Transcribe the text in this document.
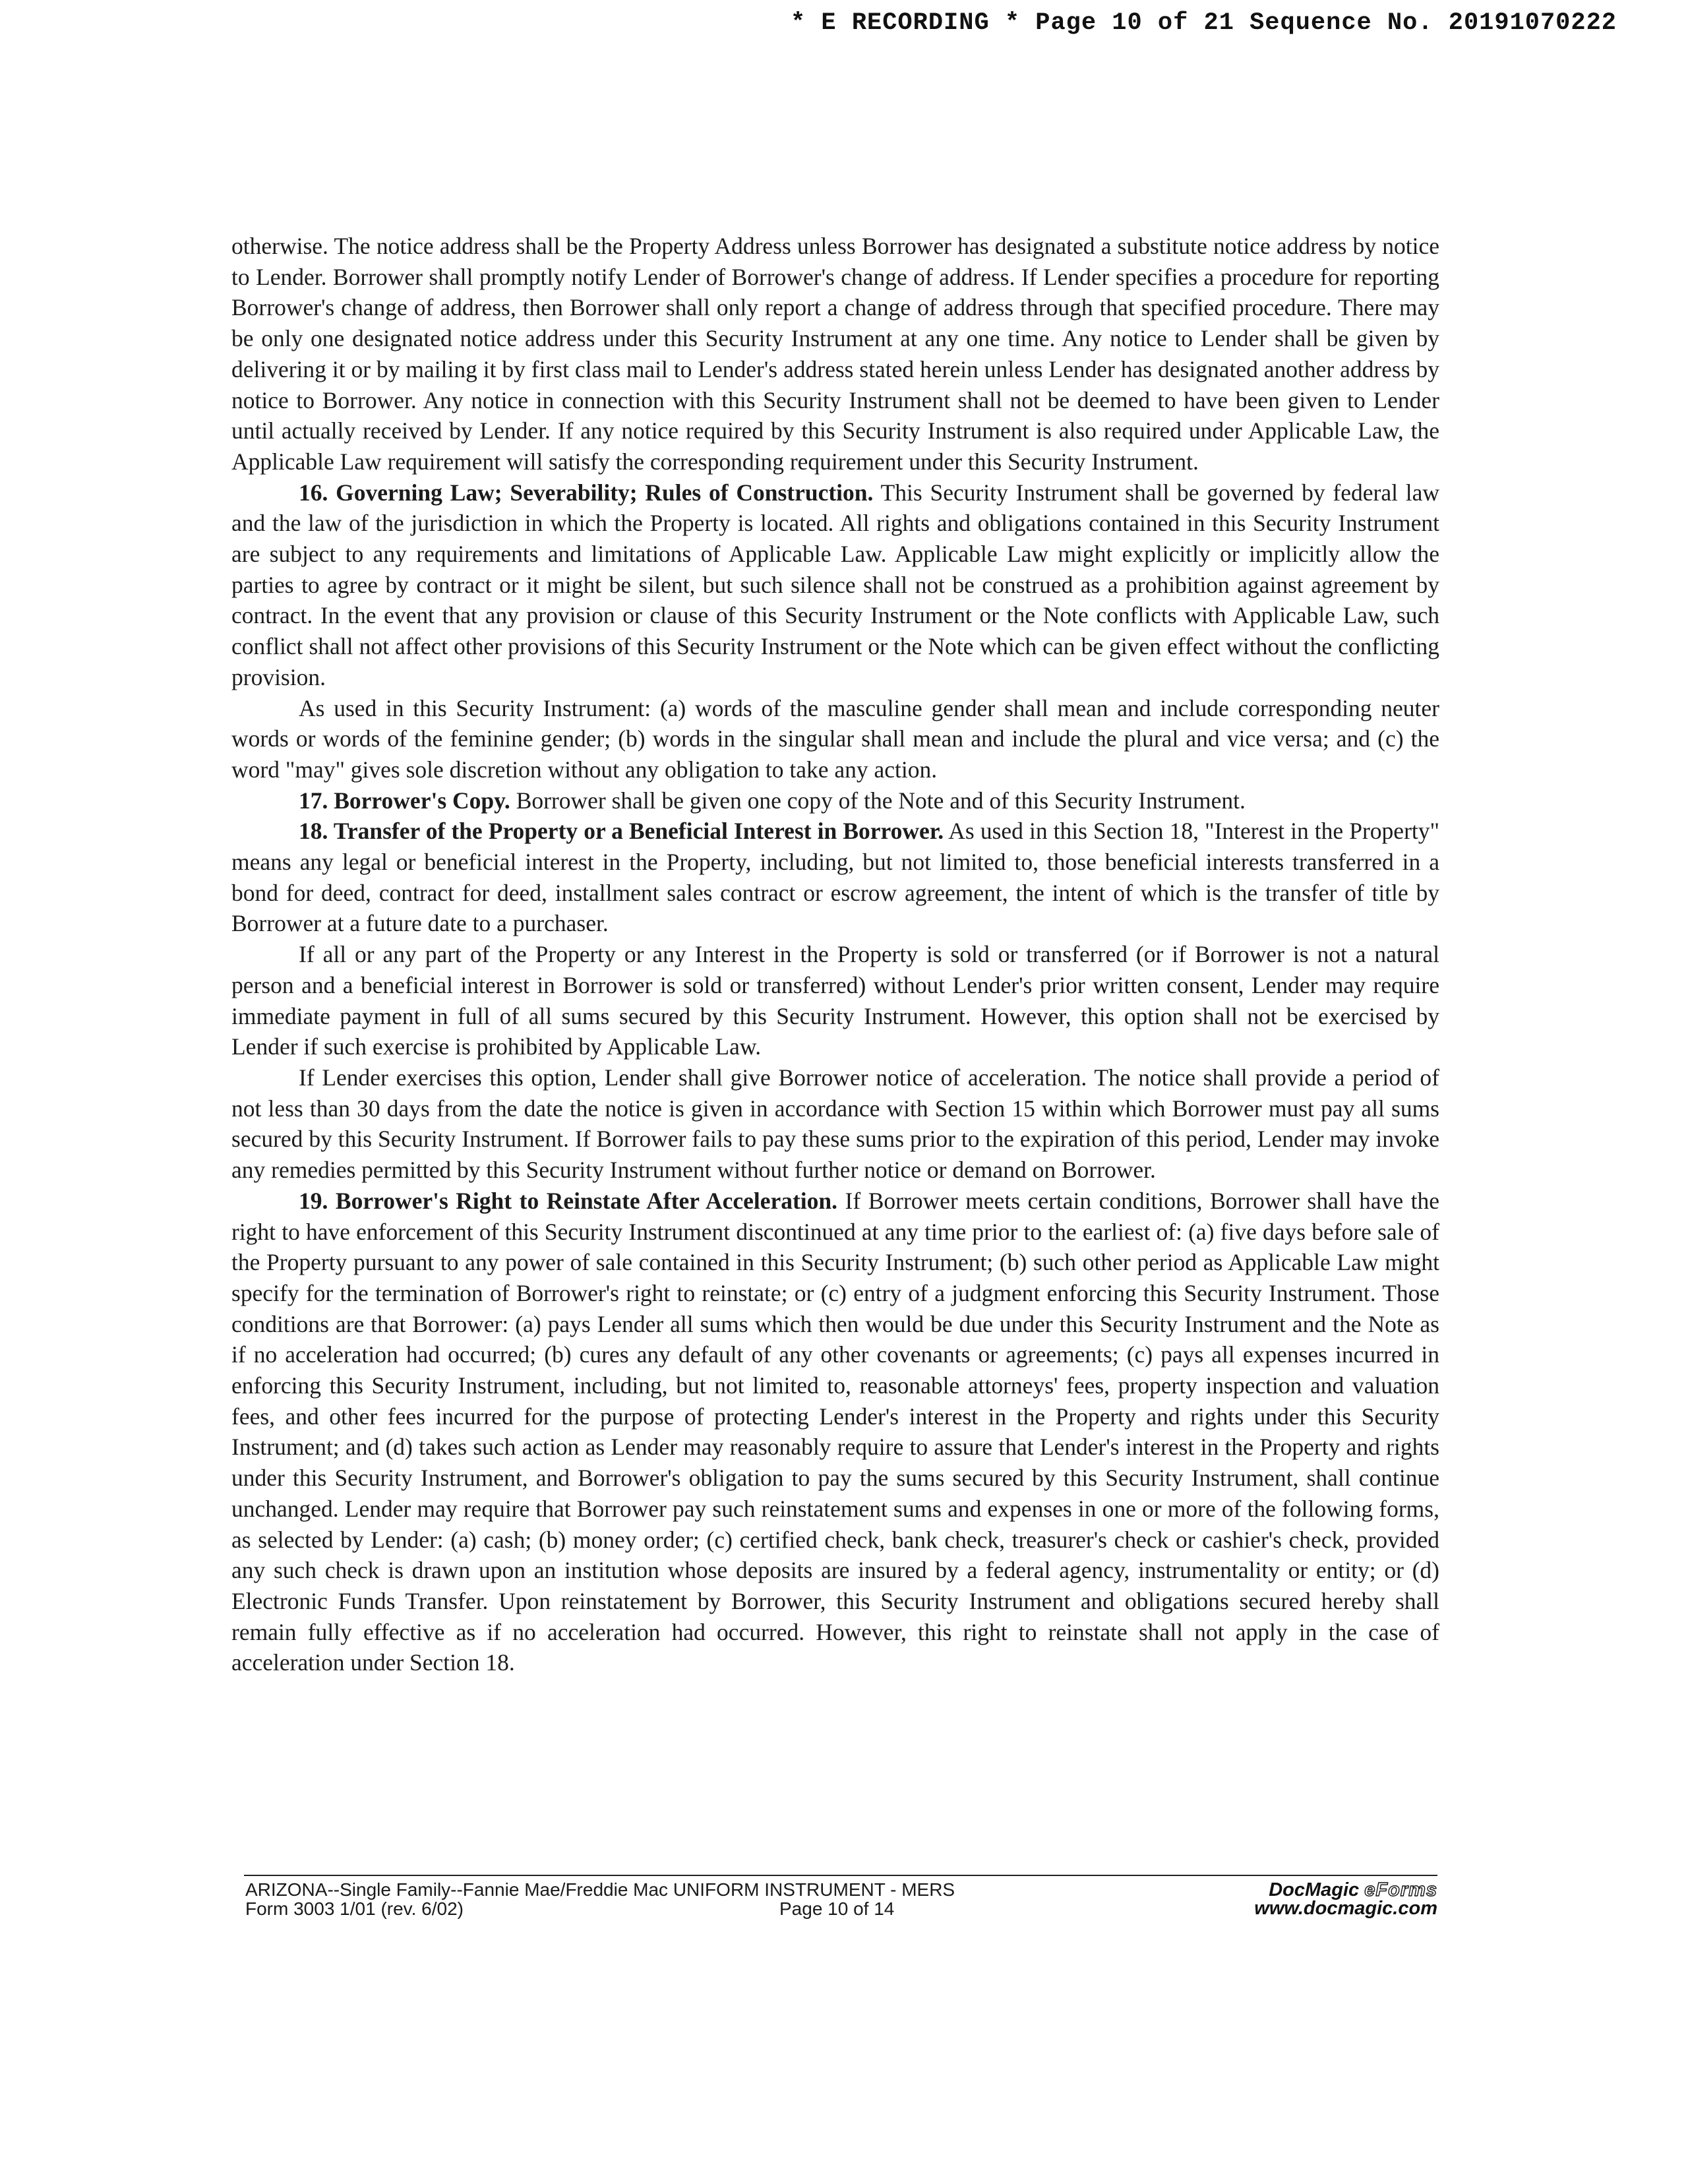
* E RECORDING * Page 10 of 21 Sequence No. 20191070222

otherwise. The notice address shall be the Property Address unless Borrower has designated a substitute notice address by notice to Lender. Borrower shall promptly notify Lender of Borrower's change of address. If Lender specifies a procedure for reporting Borrower's change of address, then Borrower shall only report a change of address through that specified procedure. There may be only one designated notice address under this Security Instrument at any one time. Any notice to Lender shall be given by delivering it or by mailing it by first class mail to Lender's address stated herein unless Lender has designated another address by notice to Borrower. Any notice in connection with this Security Instrument shall not be deemed to have been given to Lender until actually received by Lender. If any notice required by this Security Instrument is also required under Applicable Law, the Applicable Law requirement will satisfy the corresponding requirement under this Security Instrument.

16. Governing Law; Severability; Rules of Construction. This Security Instrument shall be governed by federal law and the law of the jurisdiction in which the Property is located. All rights and obligations contained in this Security Instrument are subject to any requirements and limitations of Applicable Law. Applicable Law might explicitly or implicitly allow the parties to agree by contract or it might be silent, but such silence shall not be construed as a prohibition against agreement by contract. In the event that any provision or clause of this Security Instrument or the Note conflicts with Applicable Law, such conflict shall not affect other provisions of this Security Instrument or the Note which can be given effect without the conflicting provision.

As used in this Security Instrument: (a) words of the masculine gender shall mean and include corresponding neuter words or words of the feminine gender; (b) words in the singular shall mean and include the plural and vice versa; and (c) the word "may" gives sole discretion without any obligation to take any action.

17. Borrower's Copy. Borrower shall be given one copy of the Note and of this Security Instrument.

18. Transfer of the Property or a Beneficial Interest in Borrower. As used in this Section 18, "Interest in the Property" means any legal or beneficial interest in the Property, including, but not limited to, those beneficial interests transferred in a bond for deed, contract for deed, installment sales contract or escrow agreement, the intent of which is the transfer of title by Borrower at a future date to a purchaser.

If all or any part of the Property or any Interest in the Property is sold or transferred (or if Borrower is not a natural person and a beneficial interest in Borrower is sold or transferred) without Lender's prior written consent, Lender may require immediate payment in full of all sums secured by this Security Instrument. However, this option shall not be exercised by Lender if such exercise is prohibited by Applicable Law.

If Lender exercises this option, Lender shall give Borrower notice of acceleration. The notice shall provide a period of not less than 30 days from the date the notice is given in accordance with Section 15 within which Borrower must pay all sums secured by this Security Instrument. If Borrower fails to pay these sums prior to the expiration of this period, Lender may invoke any remedies permitted by this Security Instrument without further notice or demand on Borrower.

19. Borrower's Right to Reinstate After Acceleration. If Borrower meets certain conditions, Borrower shall have the right to have enforcement of this Security Instrument discontinued at any time prior to the earliest of: (a) five days before sale of the Property pursuant to any power of sale contained in this Security Instrument; (b) such other period as Applicable Law might specify for the termination of Borrower's right to reinstate; or (c) entry of a judgment enforcing this Security Instrument. Those conditions are that Borrower: (a) pays Lender all sums which then would be due under this Security Instrument and the Note as if no acceleration had occurred; (b) cures any default of any other covenants or agreements; (c) pays all expenses incurred in enforcing this Security Instrument, including, but not limited to, reasonable attorneys' fees, property inspection and valuation fees, and other fees incurred for the purpose of protecting Lender's interest in the Property and rights under this Security Instrument; and (d) takes such action as Lender may reasonably require to assure that Lender's interest in the Property and rights under this Security Instrument, and Borrower's obligation to pay the sums secured by this Security Instrument, shall continue unchanged. Lender may require that Borrower pay such reinstatement sums and expenses in one or more of the following forms, as selected by Lender: (a) cash; (b) money order; (c) certified check, bank check, treasurer's check or cashier's check, provided any such check is drawn upon an institution whose deposits are insured by a federal agency, instrumentality or entity; or (d) Electronic Funds Transfer. Upon reinstatement by Borrower, this Security Instrument and obligations secured hereby shall remain fully effective as if no acceleration had occurred. However, this right to reinstate shall not apply in the case of acceleration under Section 18.

ARIZONA--Single Family--Fannie Mae/Freddie Mac UNIFORM INSTRUMENT - MERS
Form 3003 1/01 (rev. 6/02)	Page 10 of 14
DocMagic eForms
www.docmagic.com
